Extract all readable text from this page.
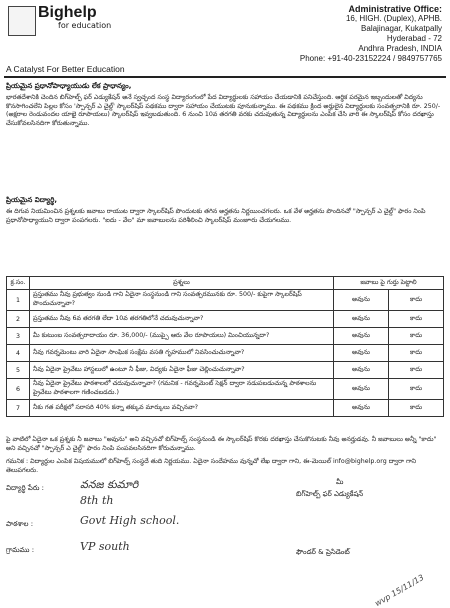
Bighelp
for education
A Catalyst For Better Education
Administrative Office:
16, HIGH. (Duplex), APHB.
Balajinagar, Kukatpally
Hyderabad - 72
Andhra Pradesh, INDIA
Phone: +91-40-23152224 / 9849757765
ప్రియమైన ప్రధానోపాధ్యాయుడు లేక ప్రాధాన్యం,
భారతదేశానికి చెందిన బిగ్‌హెల్ప్ ఫర్ ఎడ్యుకేషన్ అనే స్వచ్ఛంద సంస్థ విద్యారంగంలో పేద విద్యార్థులకు సహాయం చేయడానికి పనిచేస్తుంది. ఆర్థిక పరమైన ఇబ్బందులతో విద్యను కొనసాగించలేని పిల్లల కోసం 'స్పాన్సర్ ఎ చైల్డ్' స్కాలర్‌షిప్ పథకము ద్వారా సహాయం చేయుటకు పూనుకున్నాము. ఈ పథకము క్రింద అర్హులైన విద్యార్థులకు సంవత్సరానికి రూ. 250/- (అక్షరాల రెండువందల యాభై రూపాయలు) స్కాలర్‌షిప్ ఇవ్వబడుతుంది. 6 నుంచి 10వ తరగతి వరకు చదువుతున్న విద్యార్థులను ఎంపిక చేసి వారి ఈ స్కాలర్‌షిప్ కోసం దరఖాస్తు చేసుకోవలసినదిగా కోరుతున్నాము.
ప్రియమైన విద్యార్థి,
ఈ దిగువ నియమించిన ప్రశ్నలకు జవాబు రాయుట ద్వారా స్కాలర్‌షిప్ పొందుటకు తగిన అర్హతను నిర్ణయించగలరు. ఒక వేళ అర్హతను పొందినచో "స్పాన్సర్ ఎ చైల్డ్" ఫారం నింపి ప్రధానోపాధ్యాయుని ద్వారా పంపగలరు. "ఐదు - వేల" మా జవాబులను పరిశీలించి స్కాలర్‌షిప్ మంజూరు చేయగలము.
క్ర.సం.	ప్రశ్నలు	జవాబు పై గుర్తు పెట్టాలి	
1	ప్రస్తుతము నీవు ప్రభుత్వం నుండి గాని ఏదైనా సంస్థనుండి గాని సంవత్సరమునకు రూ. 500/- కుపైగా స్కాలర్‌షిప్ పొందుచున్నావా?	అవును	కాదు
2	ప్రస్తుతము నీవు 6వ తరగతి లేదా 10వ తరగతిలోనే చదువుచున్నావా?	అవును	కాదు
3	మీ కుటుంబ సంవత్సరాదాయం రూ. 36,000/- (ముప్పై ఆరు వేల రూపాయలు) మించియున్నదా?	అవును	కాదు
4	నీవు గవర్నమెంటు వారి ఏదైనా సాంఘిక సంక్షేమ వసతి గృహములో నివసించుచున్నావా?	అవును	కాదు
5	నీవు ఏదైనా ప్రైవేటు హాస్టలులో ఉంటూ నీ ఫీజు, విద్యకు ఏదైనా ఫీజు చెల్లించుచున్నావా?	అవును	కాదు
6	నీవు ఏదైనా ప్రైవేటు పాఠశాలలో చదువుచున్నావా? (గమనిక - గవర్నమెంట్ సెక్షన్ ద్వారా నడుపబడుచున్న పాఠశాలను ప్రైవేటు పాఠశాలగా గణించబడదు.)	అవును	కాదు
7	నీకు గత పరీక్షలో సరాసరి 40% కన్నా తక్కువ మార్కులు వచ్చినవా?	అవును	కాదు
పై వాటిలో ఏదైనా ఒక ప్రశ్నకు నీ జవాబు "అవును" అని వచ్చినచో బిగ్‌హెల్ప్ సంస్థనుండి ఈ స్కాలర్‌షిప్ కొరకు దరఖాస్తు చేసుకొనుటకు నీవు అనర్హుడవు. నీ జవాబులు అన్నీ "కాదు" అని వచ్చినచో "స్పాన్సర్ ఎ చైల్డ్" ఫారం నింపి పంపవలసినదిగా కోరుచున్నాము.
గమనిక : విద్యార్థుల ఎంపిక విషయములో బిగ్‌హెల్ప్ సంస్థదే తుది నిర్ణయము. ఏదైనా సందేహము వున్నచో లేఖ ద్వారా గాని, ఈ-మెయిల్ info@bighelp.org ద్వారా గాని తెలుపగలరు.
విద్యార్థి పేరు :	వనజ కుమారి
8th th
పాఠశాల :	Govt High school.
గ్రామము :	VP south
మీ
బిగ్‌హెల్ప్ ఫర్ ఎడ్యుకేషన్
ఫౌండర్ & ప్రెసిడెంట్
wvp 15/11/13
